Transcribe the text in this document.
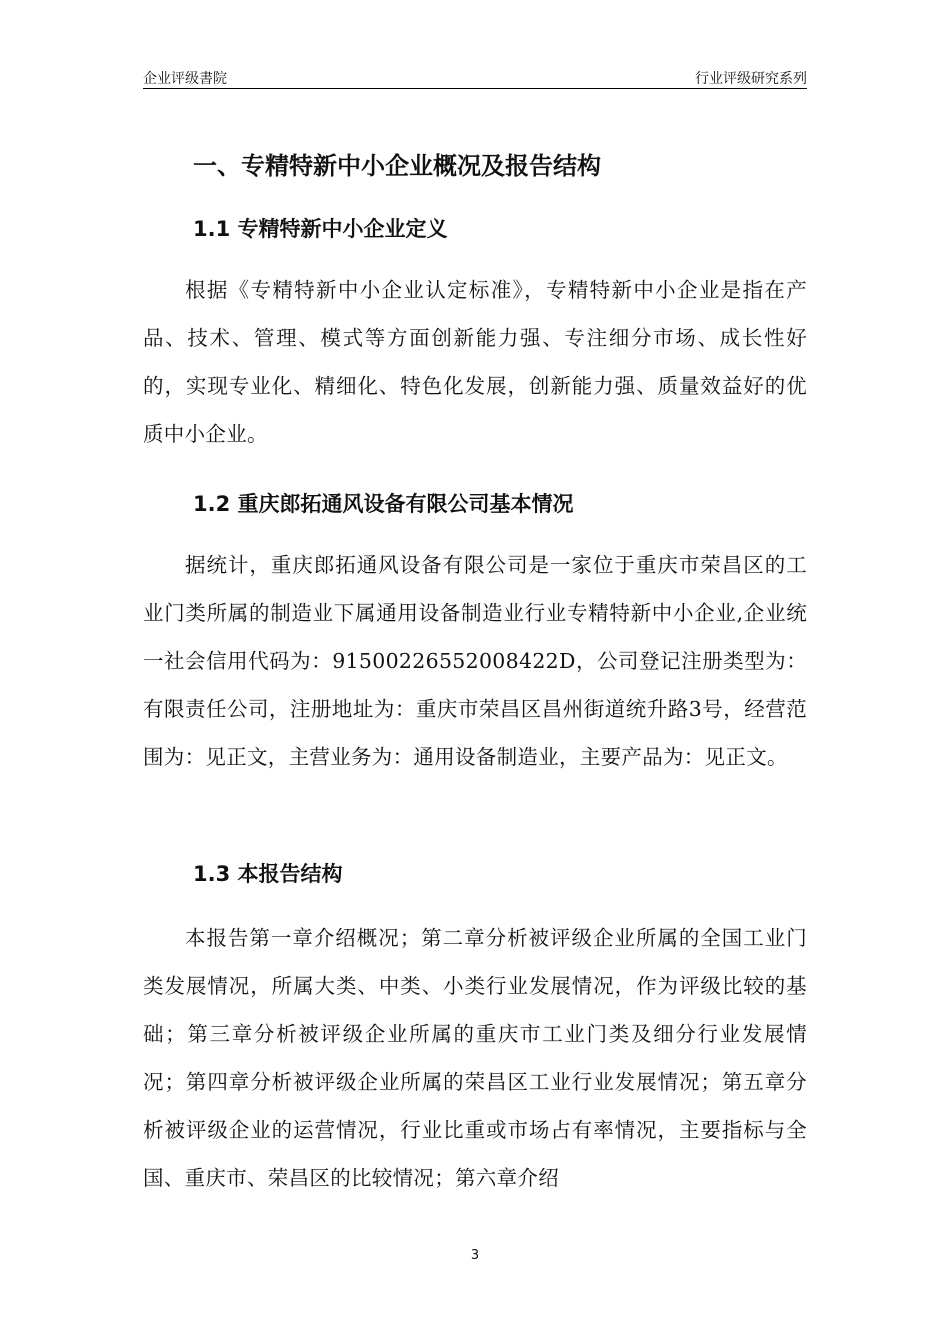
企业评级書院	行业评级研究系列
一、专精特新中小企业概况及报告结构
1.1 专精特新中小企业定义

根据《专精特新中小企业认定标准》，专精特新中小企业是指在产品、技术、管理、模式等方面创新能力强、专注细分市场、成长性好的，实现专业化、精细化、特色化发展，创新能力强、质量效益好的优质中小企业。

1.2 重庆郎拓通风设备有限公司基本情况

据统计，重庆郎拓通风设备有限公司是一家位于重庆市荣昌区的工业门类所属的制造业下属通用设备制造业行业专精特新中小企业,企业统一社会信用代码为：91500226552008422D，公司登记注册类型为：有限责任公司，注册地址为：重庆市荣昌区昌州街道统升路3号，经营范围为：见正文，主营业务为：通用设备制造业，主要产品为：见正文。

1.3 本报告结构

本报告第一章介绍概况；第二章分析被评级企业所属的全国工业门类发展情况，所属大类、中类、小类行业发展情况，作为评级比较的基础；第三章分析被评级企业所属的重庆市工业门类及细分行业发展情况；第四章分析被评级企业所属的荣昌区工业行业发展情况；第五章分析被评级企业的运营情况，行业比重或市场占有率情况，主要指标与全国、重庆市、荣昌区的比较情况；第六章介绍

3
